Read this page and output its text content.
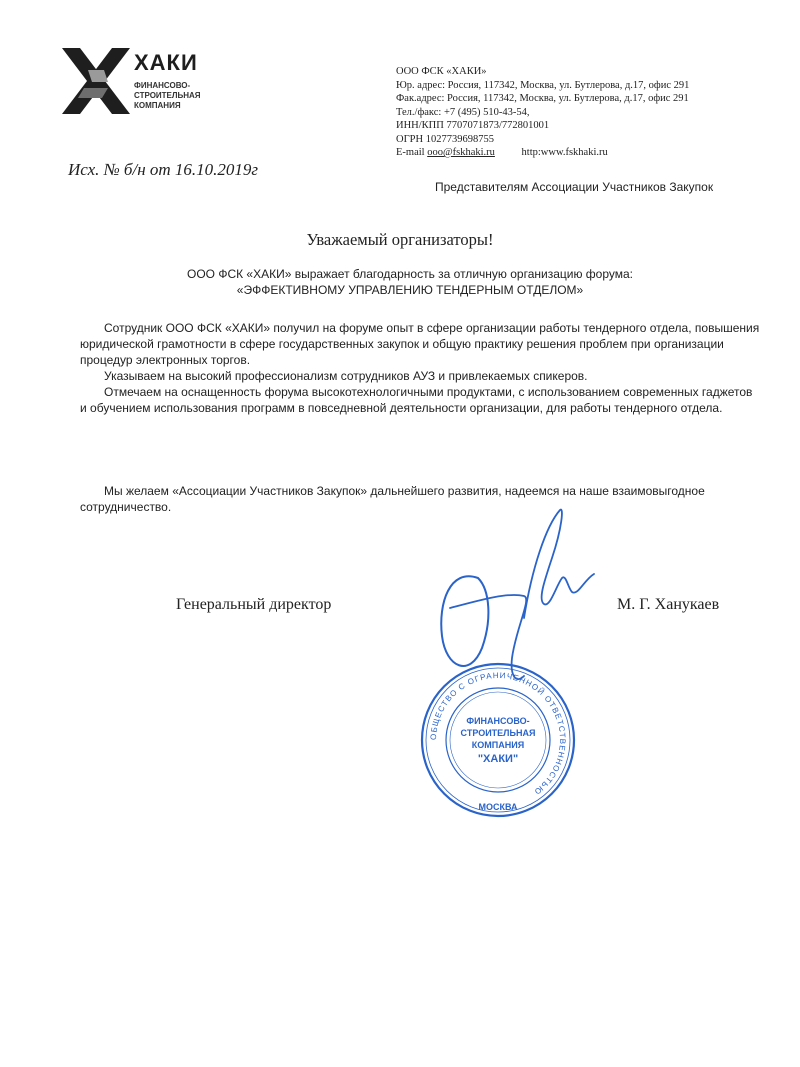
ХАКИ
ФИНАНСОВО-
СТРОИТЕЛЬНАЯ
КОМПАНИЯ
ООО ФСК «ХАКИ»
Юр. адрес: Россия, 117342, Москва, ул. Бутлерова, д.17, офис 291
Фак.адрес: Россия, 117342, Москва, ул. Бутлерова, д.17, офис 291
Тел./факс: +7 (495) 510-43-54,
ИНН/КПП 7707071873/772801001
ОГРН 1027739698755
E-mail ooo@fskhaki.ru	http:www.fskhaki.ru
Исх. № б/н от 16.10.2019г
Представителям Ассоциации Участников Закупок
Уважаемый организаторы!
ООО ФСК «ХАКИ» выражает благодарность за отличную организацию форума:
«ЭФФЕКТИВНОМУ УПРАВЛЕНИЮ ТЕНДЕРНЫМ ОТДЕЛОМ»

Сотрудник ООО ФСК «ХАКИ» получил на форуме опыт в сфере организации работы тендерного отдела, повышения юридической грамотности в сфере государственных закупок и общую практику решения проблем при организации процедур электронных торгов.

Указываем на высокий профессионализм сотрудников АУЗ и привлекаемых спикеров.

Отмечаем на оснащенность форума высокотехнологичными продуктами, с использованием современных гаджетов и обучением использования программ в повседневной деятельности организации, для работы тендерного отдела.

Мы желаем «Ассоциации Участников Закупок» дальнейшего развития, надеемся на наше взаимовыгодное сотрудничество.

Генеральный директор	М. Г. Ханукаев
ОБЩЕСТВО С ОГРАНИЧЕННОЙ ОТВЕТСТВЕННОСТЬЮ
ФИНАНСОВО-
СТРОИТЕЛЬНАЯ
КОМПАНИЯ
"ХАКИ"
МОСКВА
